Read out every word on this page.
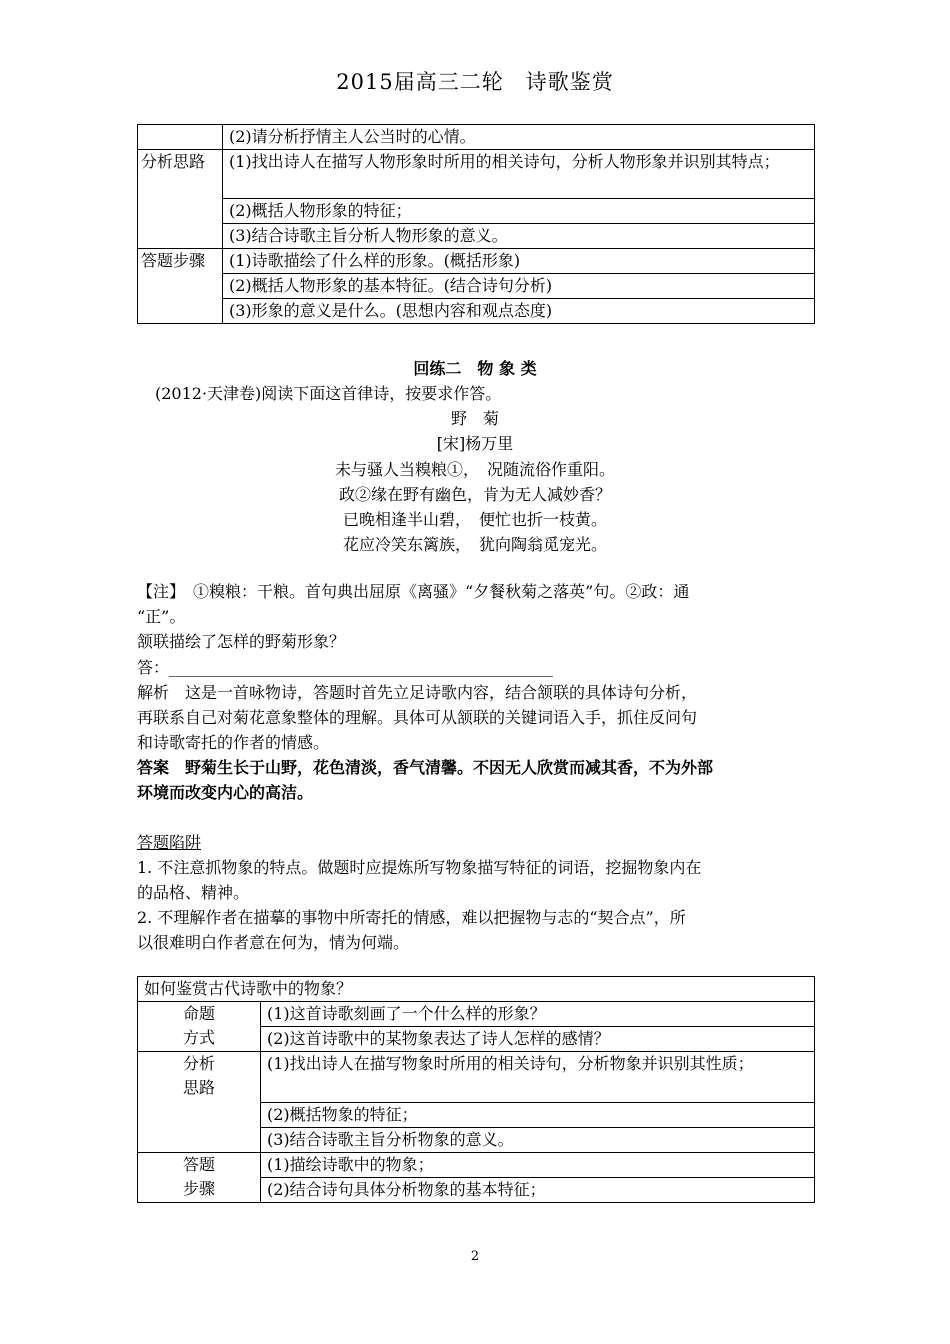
2015届高三二轮 诗歌鉴赏
	(2)请分析抒情主人公当时的心情。
分析思路	(1)找出诗人在描写人物形象时所用的相关诗句，分析人物形象并识别其特点；
	(2)概括人物形象的特征；
	(3)结合诗歌主旨分析人物形象的意义。
答题步骤	(1)诗歌描绘了什么样的形象。(概括形象)
	(2)概括人物形象的基本特征。(结合诗句分析)
	(3)形象的意义是什么。(思想内容和观点态度)
回练二　物 象 类
(2012·天津卷)阅读下面这首律诗，按要求作答。
野　菊
[宋]杨万里
未与骚人当糗粮①，　况随流俗作重阳。
政②缘在野有幽色，肯为无人减妙香？
已晚相逢半山碧，　便忙也折一枝黄。
花应冷笑东篱族，　犹向陶翁觅宠光。
【注】　①糗粮：干粮。首句典出屈原《离骚》“夕餐秋菊之落英”句。②政：通
“正”。
颔联描绘了怎样的野菊形象？
答：________________________________________________
解析　这是一首咏物诗，答题时首先立足诗歌内容，结合颔联的具体诗句分析，
再联系自己对菊花意象整体的理解。具体可从颔联的关键词语入手，抓住反问句
和诗歌寄托的作者的情感。
答案　野菊生长于山野，花色清淡，香气清馨。不因无人欣赏而减其香，不为外部
环境而改变内心的高洁。
答题陷阱
1. 不注意抓物象的特点。做题时应提炼所写物象描写特征的词语，挖掘物象内在
的品格、精神。
2. 不理解作者在描摹的事物中所寄托的情感，难以把握物与志的“契合点”，所
以很难明白作者意在何为，情为何端。
如何鉴赏古代诗歌中的物象？	

命题
方式	(1)这首诗歌刻画了一个什么样的形象？
	(2)这首诗歌中的某物象表达了诗人怎样的感情？

分析
思路	(1)找出诗人在描写物象时所用的相关诗句，分析物象并识别其性质；
	(2)概括物象的特征；
	(3)结合诗歌主旨分析物象的意义。

答题
步骤	(1)描绘诗歌中的物象；
	(2)结合诗句具体分析物象的基本特征；
2
